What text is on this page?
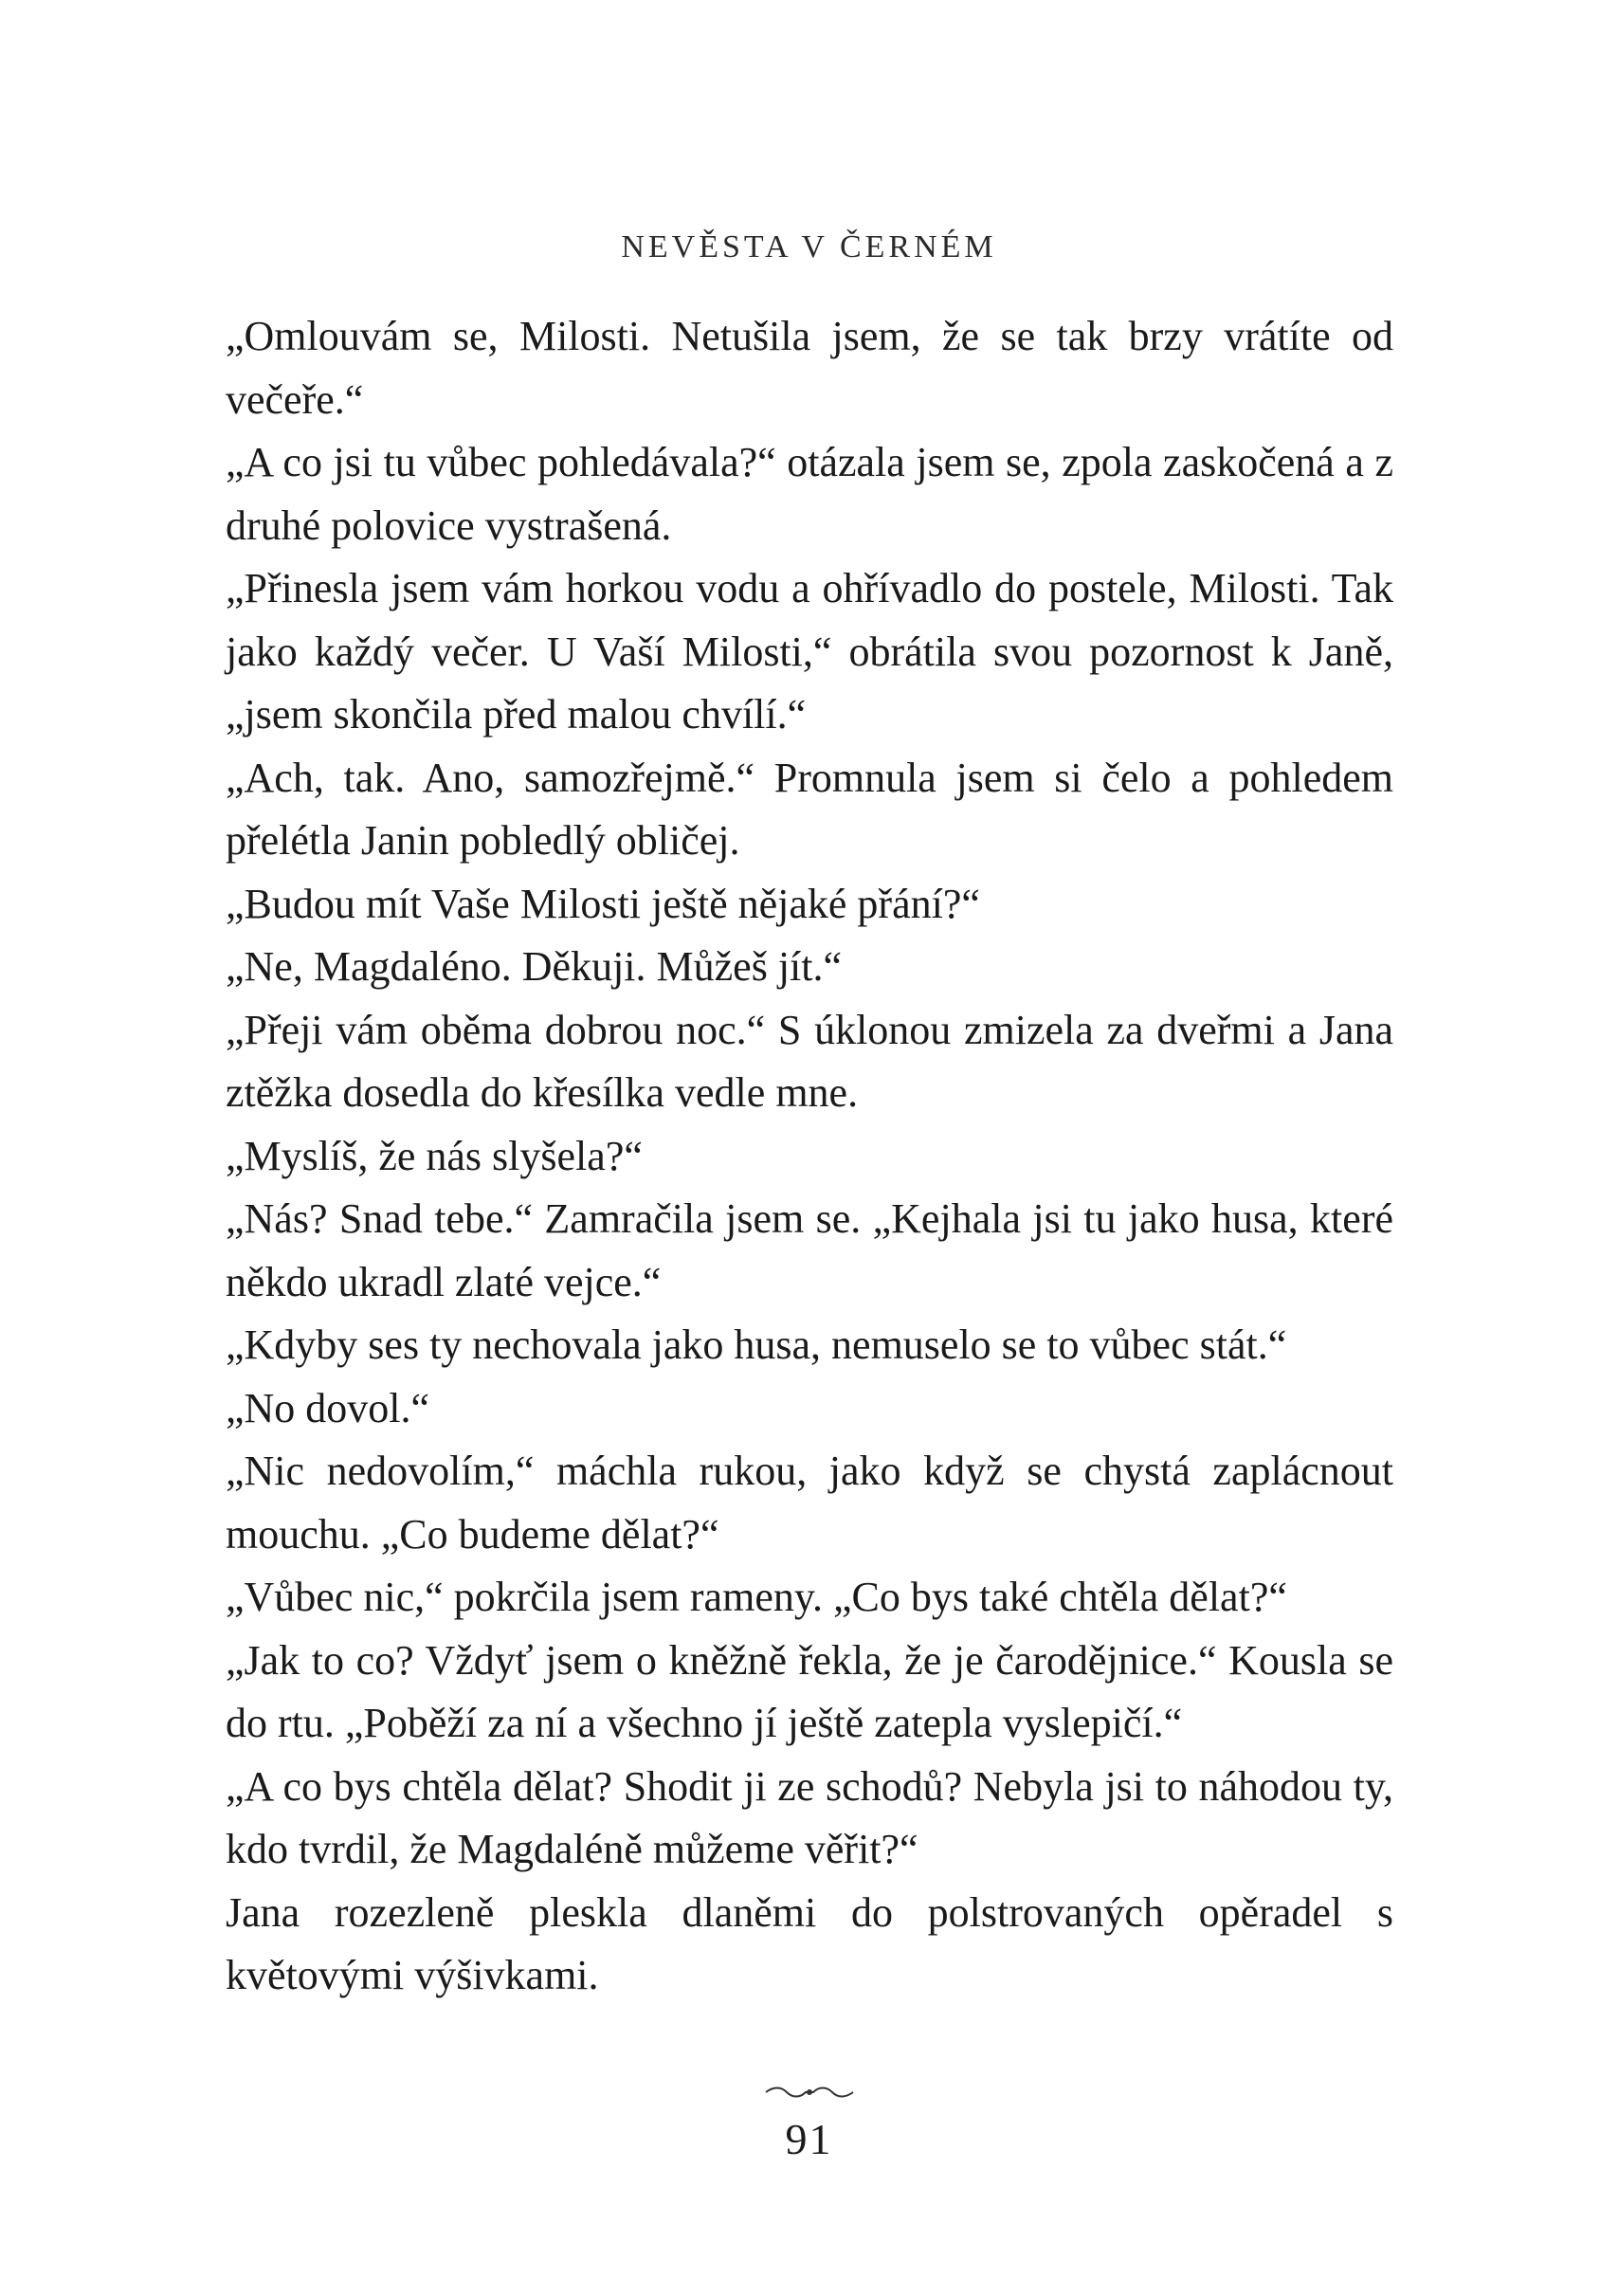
NEVĚSTA V ČERNÉM

„Omlouvám se, Milosti. Netušila jsem, že se tak brzy vrátíte od večeře.“

„A co jsi tu vůbec pohledávala?“ otázala jsem se, zpola zaskočená a z druhé polovice vystrašená.

„Přinesla jsem vám horkou vodu a ohřívadlo do postele, Milosti. Tak jako každý večer. U Vaší Milosti,“ obrátila svou pozornost k Janě, „jsem skončila před malou chvílí.“

„Ach, tak. Ano, samozřejmě.“ Promnula jsem si čelo a pohledem přelétla Janin pobledlý obličej.

„Budou mít Vaše Milosti ještě nějaké přání?“

„Ne, Magdaléno. Děkuji. Můžeš jít.“

„Přeji vám oběma dobrou noc.“ S úklonou zmizela za dveřmi a Jana ztěžka dosedla do křesílka vedle mne.

„Myslíš, že nás slyšela?“

„Nás? Snad tebe.“ Zamračila jsem se. „Kejhala jsi tu jako husa, které někdo ukradl zlaté vejce.“

„Kdyby ses ty nechovala jako husa, nemuselo se to vůbec stát.“

„No dovol.“

„Nic nedovolím,“ máchla rukou, jako když se chystá zaplácnout mouchu. „Co budeme dělat?“

„Vůbec nic,“ pokrčila jsem rameny. „Co bys také chtěla dělat?“

„Jak to co? Vždyť jsem o kněžně řekla, že je čarodějnice.“ Kousla se do rtu. „Poběží za ní a všechno jí ještě zatepla vyslepičí.“

„A co bys chtěla dělat? Shodit ji ze schodů? Nebyla jsi to náhodou ty, kdo tvrdil, že Magdaléně můžeme věřit?“

Jana rozezleně pleskla dlaněmi do polstrovaných opěradel s květovými výšivkami.

91
